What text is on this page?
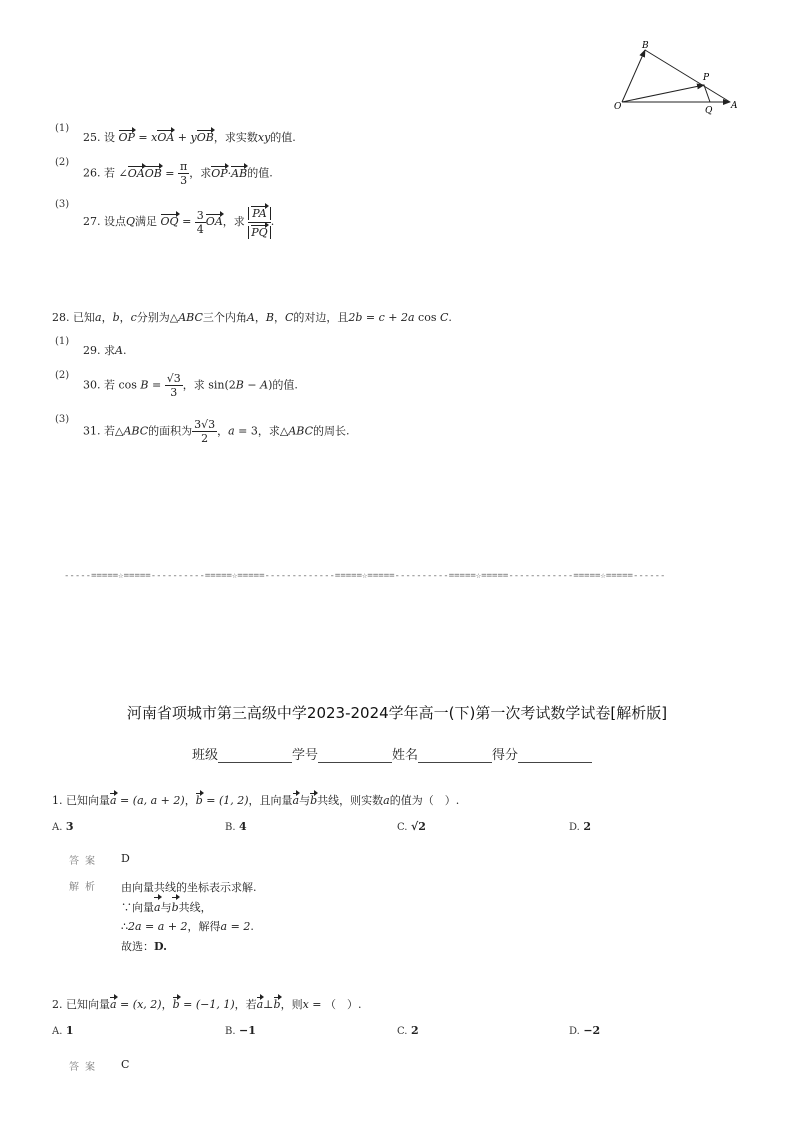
B
P
O	Q A
(1)
25. 设 OP = xOA + yOB，求实数xy的值.
(2)
26. 若 ∠OAOB = $\frac{\pi}{3}$ ，求OP·AB的值.
(3)
27. 设点Q满足 OQ = $\frac{3}{4}$ OA，求 $\frac{PA}{PQ}$ .
28. 已知a，b，c分别为△ABC三个内角A，B，C的对边，且2b = c + 2a cos C.
(1)
29. 求A.
(2)
30. 若 $\cos B = \frac{√3}{3}$ ，求 sin(2B − A)的值.
(3)
31. 若△ABC的面积为 $\frac{3√3}{2}$ ，a = 3，求△ABC的周长.
-----=====☆=====----------=====☆=====-------------=====☆=====----------=====☆=====------------=====☆=====------
河南省项城市第三高级中学2023-2024学年高一(下)第一次考试数学试卷[解析版]
班级	学号	姓名	得分
1. 已知向量a = (a, a + 2)，b = (1, 2)，且向量a与b共线，则实数a的值为（　）.
A. 3	B. 4	C. √2	D. 2
答案 D
解析 由向量共线的坐标表示求解.
∵向量a与b共线，
∴2a = a + 2，解得a = 2.
故选：D.
2. 已知向量a = (x, 2)，b = (−1, 1)，若a⊥b，则x = （　）.
A. 1	B. −1	C. 2	D. −2
答案 C
